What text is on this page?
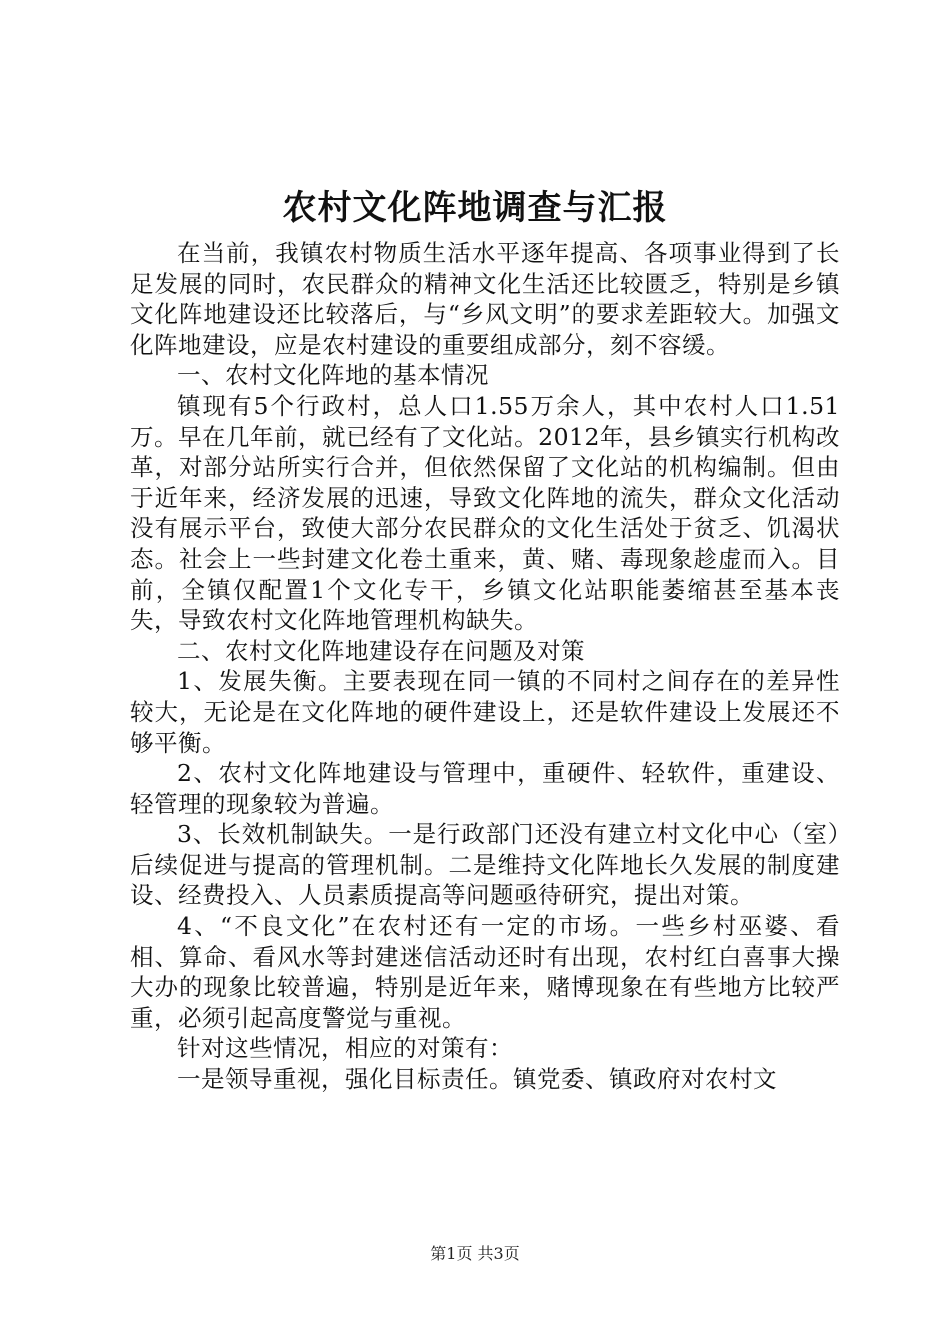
农村文化阵地调查与汇报

在当前，我镇农村物质生活水平逐年提高、各项事业得到了长足发展的同时，农民群众的精神文化生活还比较匮乏，特别是乡镇文化阵地建设还比较落后，与“乡风文明”的要求差距较大。加强文化阵地建设，应是农村建设的重要组成部分，刻不容缓。

一、农村文化阵地的基本情况

镇现有5个行政村，总人口1.55万余人，其中农村人口1.51万。早在几年前，就已经有了文化站。2012年，县乡镇实行机构改革，对部分站所实行合并，但依然保留了文化站的机构编制。但由于近年来，经济发展的迅速，导致文化阵地的流失，群众文化活动没有展示平台，致使大部分农民群众的文化生活处于贫乏、饥渴状态。社会上一些封建文化卷土重来，黄、赌、毒现象趁虚而入。目前，全镇仅配置1个文化专干，乡镇文化站职能萎缩甚至基本丧失，导致农村文化阵地管理机构缺失。

二、农村文化阵地建设存在问题及对策

1、发展失衡。主要表现在同一镇的不同村之间存在的差异性较大，无论是在文化阵地的硬件建设上，还是软件建设上发展还不够平衡。

2、农村文化阵地建设与管理中，重硬件、轻软件，重建设、轻管理的现象较为普遍。

3、长效机制缺失。一是行政部门还没有建立村文化中心（室）后续促进与提高的管理机制。二是维持文化阵地长久发展的制度建设、经费投入、人员素质提高等问题亟待研究，提出对策。

4、“不良文化”在农村还有一定的市场。一些乡村巫婆、看相、算命、看风水等封建迷信活动还时有出现，农村红白喜事大操大办的现象比较普遍，特别是近年来，赌博现象在有些地方比较严重，必须引起高度警觉与重视。

针对这些情况，相应的对策有：

一是领导重视，强化目标责任。镇党委、镇政府对农村文

第1页 共3页
